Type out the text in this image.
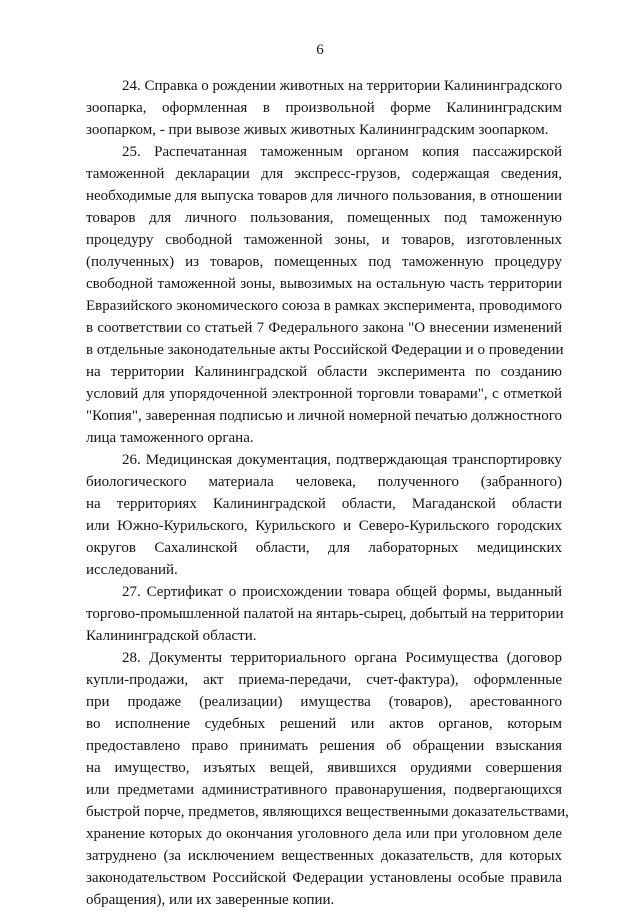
6
24. Справка о рождении животных на территории Калининградского
зоопарка, оформленная в произвольной форме Калининградским
зоопарком, - при вывозе живых животных Калининградским зоопарком.
25. Распечатанная таможенным органом копия пассажирской
таможенной декларации для экспресс-грузов, содержащая сведения,
необходимые для выпуска товаров для личного пользования, в отношении
товаров для личного пользования, помещенных под таможенную
процедуру свободной таможенной зоны, и товаров, изготовленных
(полученных) из товаров, помещенных под таможенную процедуру
свободной таможенной зоны, вывозимых на остальную часть территории
Евразийского экономического союза в рамках эксперимента, проводимого
в соответствии со статьей 7 Федерального закона "О внесении изменений
в отдельные законодательные акты Российской Федерации и о проведении
на территории Калининградской области эксперимента по созданию
условий для упорядоченной электронной торговли товарами", с отметкой
"Копия", заверенная подписью и личной номерной печатью должностного
лица таможенного органа.
26. Медицинская документация, подтверждающая транспортировку
биологического материала человека, полученного (забранного)
на территориях Калининградской области, Магаданской области
или Южно-Курильского, Курильского и Северо-Курильского городских
округов Сахалинской области, для лабораторных медицинских
исследований.
27. Сертификат о происхождении товара общей формы, выданный
торгово-промышленной палатой на янтарь-сырец, добытый на территории
Калининградской области.
28. Документы территориального органа Росимущества (договор
купли-продажи, акт приема-передачи, счет-фактура), оформленные
при продаже (реализации) имущества (товаров), арестованного
во исполнение судебных решений или актов органов, которым
предоставлено право принимать решения об обращении взыскания
на имущество, изъятых вещей, явившихся орудиями совершения
или предметами административного правонарушения, подвергающихся
быстрой порче, предметов, являющихся вещественными доказательствами,
хранение которых до окончания уголовного дела или при уголовном деле
затруднено (за исключением вещественных доказательств, для которых
законодательством Российской Федерации установлены особые правила
обращения), или их заверенные копии.
